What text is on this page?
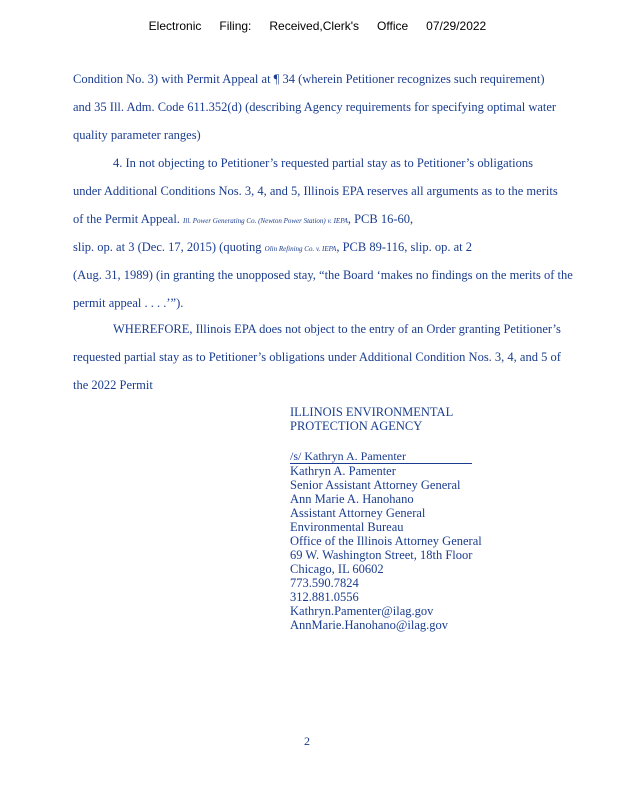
Electronic Filing: Received,Clerk's Office 07/29/2022

Condition No. 3) with Permit Appeal at ¶ 34 (wherein Petitioner recognizes such requirement)
and 35 Ill. Adm. Code 611.352(d) (describing Agency requirements for specifying optimal water
quality parameter ranges)
4. In not objecting to Petitioner’s requested partial stay as to Petitioner’s obligations
under Additional Conditions Nos. 3, 4, and 5, Illinois EPA reserves all arguments as to the merits
of the Permit Appeal. Ill. Power Generating Co. (Newton Power Station) v. IEPA, PCB 16-60,
slip. op. at 3 (Dec. 17, 2015) (quoting Olin Refining Co. v. IEPA, PCB 89-116, slip. op. at 2
(Aug. 31, 1989) (in granting the unopposed stay, “the Board ‘makes no findings on the merits of the
permit appeal . . . .’”).
WHEREFORE, Illinois EPA does not object to the entry of an Order granting Petitioner’s
requested partial stay as to Petitioner’s obligations under Additional Condition Nos. 3, 4, and 5 of
the 2022 Permit
ILLINOIS ENVIRONMENTAL
PROTECTION AGENCY
/s/ Kathryn A. Pamenter
Kathryn A. Pamenter
Senior Assistant Attorney General
Ann Marie A. Hanohano
Assistant Attorney General
Environmental Bureau
Office of the Illinois Attorney General
69 W. Washington Street, 18th Floor
Chicago, IL 60602
773.590.7824
312.881.0556
Kathryn.Pamenter@ilag.gov
AnnMarie.Hanohano@ilag.gov
2
